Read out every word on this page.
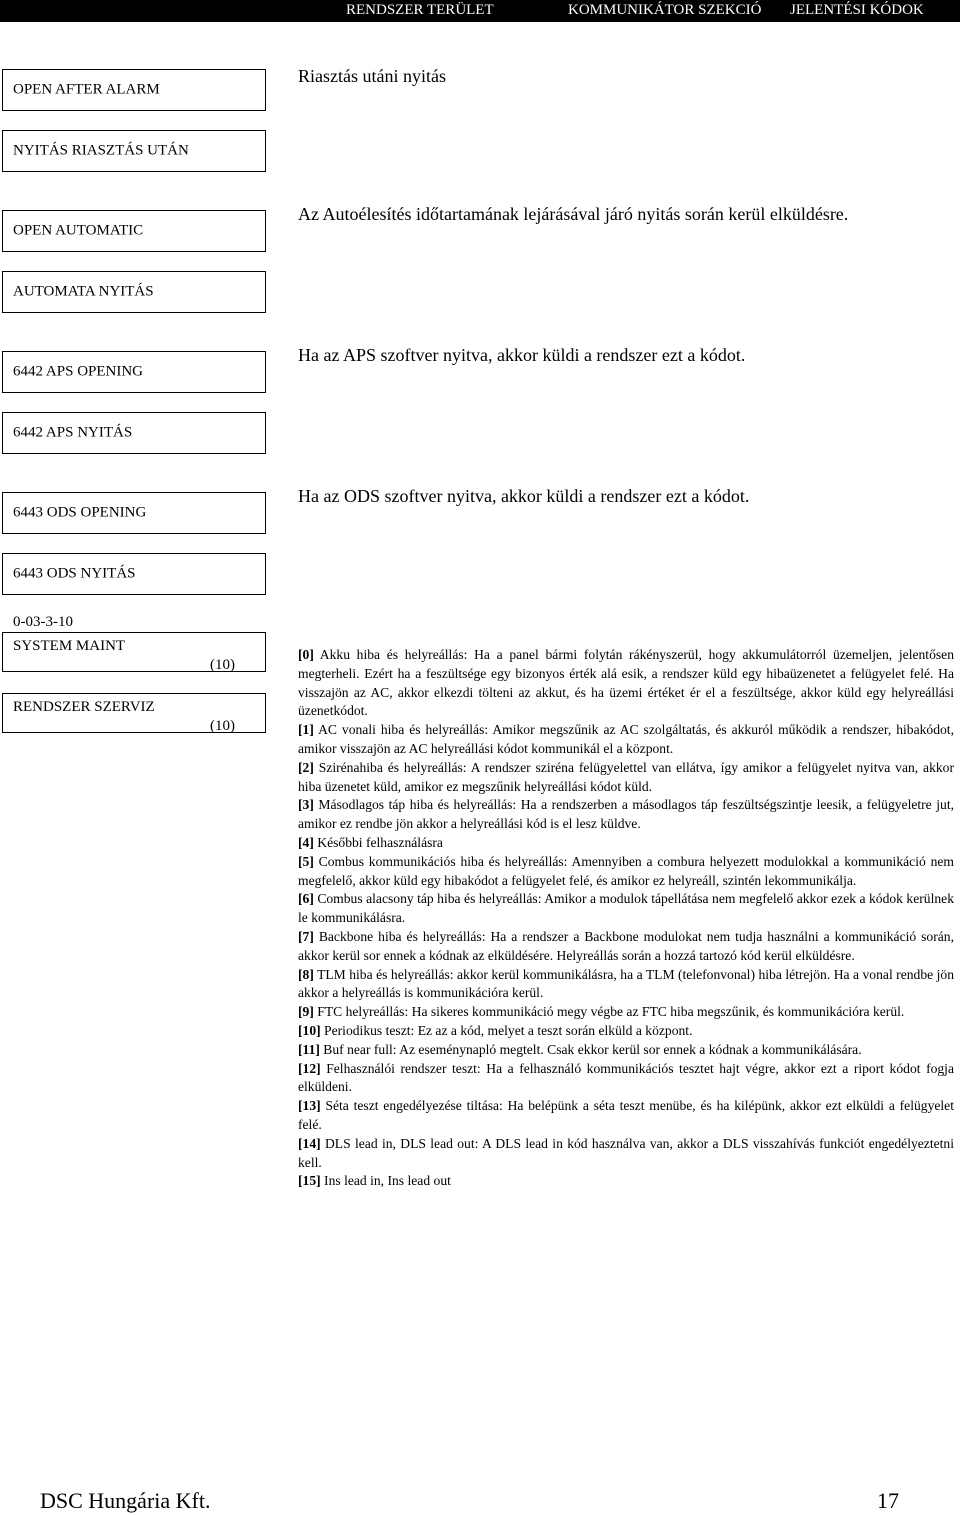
RENDSZER TERÜLET	KOMMUNIKÁTOR SZEKCIÓ JELENTÉSI KÓDOK
OPEN AFTER ALARM
Riasztás utáni nyitás
NYITÁS RIASZTÁS UTÁN
OPEN AUTOMATIC
Az Autoélesítés időtartamának lejárásával járó nyitás során kerül elküldésre.
AUTOMATA NYITÁS
6442 APS OPENING
Ha az APS szoftver nyitva, akkor küldi a rendszer ezt a kódot.
6442 APS NYITÁS
6443 ODS OPENING
Ha az ODS szoftver nyitva, akkor küldi a rendszer ezt a kódot.
6443 ODS NYITÁS
0-03-3-10
SYSTEM MAINT
(10)
RENDSZER SZERVIZ
(10)

[0] Akku hiba és helyreállás: Ha a panel bármi folytán rákényszerül, hogy akkumulátorról üzemeljen, jelentősen megterheli. Ezért ha a feszültsége egy bizonyos érték alá esik, a rendszer küld egy hibaüzenetet a felügyelet felé. Ha visszajön az AC, akkor elkezdi tölteni az akkut, és ha üzemi értéket ér el a feszültsége, akkor küld egy helyreállási üzenetkódot.

[1] AC vonali hiba és helyreállás: Amikor megszűnik az AC szolgáltatás, és akkuról működik a rendszer, hibakódot, amikor visszajön az AC helyreállási kódot kommunikál el a központ.

[2] Szirénahiba és helyreállás: A rendszer sziréna felügyelettel van ellátva, így amikor a felügyelet nyitva van, akkor hiba üzenetet küld, amikor ez megszűnik helyreállási kódot küld.

[3] Másodlagos táp hiba és helyreállás: Ha a rendszerben a másodlagos táp feszültségszintje leesik, a felügyeletre jut, amikor ez rendbe jön akkor a helyreállási kód is el lesz küldve.

[4] Későbbi felhasználásra

[5] Combus kommunikációs hiba és helyreállás: Amennyiben a combura helyezett modulokkal a kommunikáció nem megfelelő, akkor küld egy hibakódot a felügyelet felé, és amikor ez helyreáll, szintén lekommunikálja.

[6] Combus alacsony táp hiba és helyreállás: Amikor a modulok tápellátása nem megfelelő akkor ezek a kódok kerülnek le kommunikálásra.

[7] Backbone hiba és helyreállás: Ha a rendszer a Backbone modulokat nem tudja használni a kommunikáció során, akkor kerül sor ennek a kódnak az elküldésére. Helyreállás során a hozzá tartozó kód kerül elküldésre.

[8] TLM hiba és helyreállás: akkor kerül kommunikálásra, ha a TLM (telefonvonal) hiba létrejön. Ha a vonal rendbe jön akkor a helyreállás is kommunikációra kerül.

[9] FTC helyreállás: Ha sikeres kommunikáció megy végbe az FTC hiba megszűnik, és kommunikációra kerül.

[10] Periodikus teszt: Ez az a kód, melyet a teszt során elküld a központ.

[11] Buf near full: Az eseménynapló megtelt. Csak ekkor kerül sor ennek a kódnak a kommunikálására.

[12] Felhasználói rendszer teszt: Ha a felhasználó kommunikációs tesztet hajt végre, akkor ezt a riport kódot fogja elküldeni.

[13] Séta teszt engedélyezése tiltása: Ha belépünk a séta teszt menübe, és ha kilépünk, akkor ezt elküldi a felügyelet felé.

[14] DLS lead in, DLS lead out: A DLS lead in kód használva van, akkor a DLS visszahívás funkciót engedélyeztetni kell.

[15] Ins lead in, Ins lead out

DSC Hungária Kft.	17
